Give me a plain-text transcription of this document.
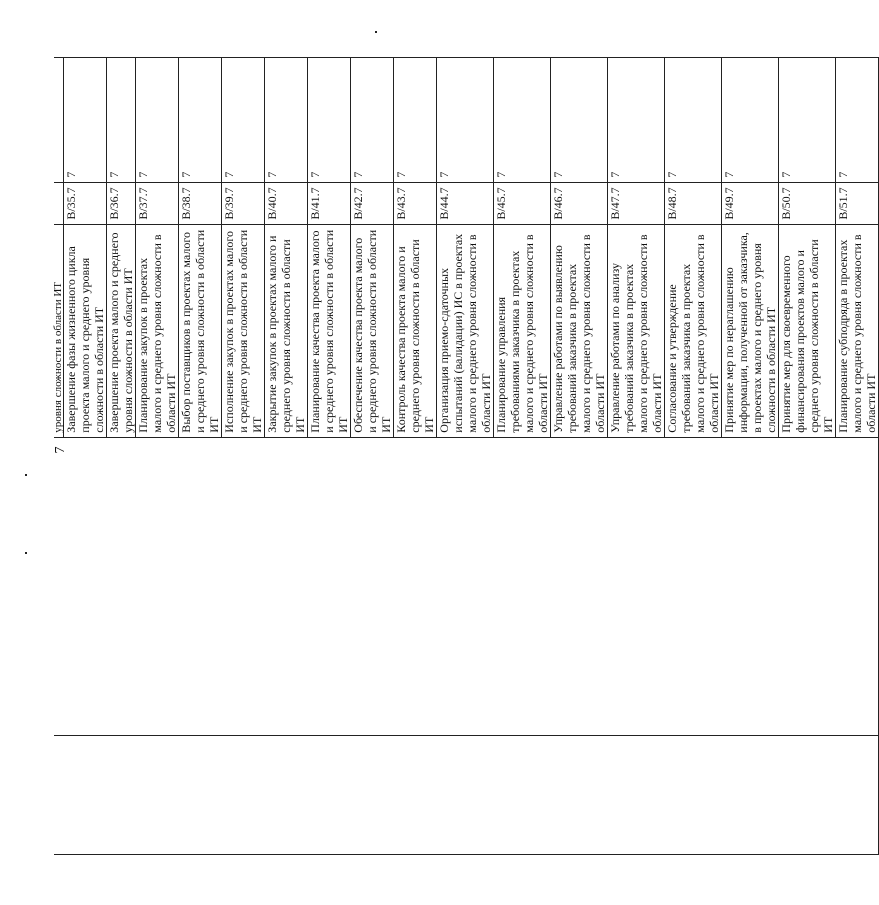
7
		уровня сложности в области ИТ		
		Завершение фазы жизненного цикла проекта малого и среднего уровня сложности в области ИТ	В/35.7	7
		Завершение проекта малого и среднего уровня сложности в области ИТ	В/36.7	7
		Планирование закупок в проектах малого и среднего уровня сложности в области ИТ	В/37.7	7
		Выбор поставщиков в проектах малого и среднего уровня сложности в области ИТ	В/38.7	7
		Исполнение закупок в проектах малого и среднего уровня сложности в области ИТ	В/39.7	7
		Закрытие закупок в проектах малого и среднего уровня сложности в области ИТ	В/40.7	7
		Планирование качества проекта малого и среднего уровня сложности в области ИТ	В/41.7	7
		Обеспечение качества проекта малого и среднего уровня сложности в области ИТ	В/42.7	7
		Контроль качества проекта малого и среднего уровня сложности в области ИТ	В/43.7	7
		Организация приемо-сдаточных испытаний (валидации) ИС в проектах малого и среднего уровня сложности в области ИТ	В/44.7	7
		Планирование управления требованиями заказчика в проектах малого и среднего уровня сложности в области ИТ	В/45.7	7
		Управление работами по выявлению требований заказчика в проектах малого и среднего уровня сложности в области ИТ	В/46.7	7
		Управление работами по анализу требований заказчика в проектах малого и среднего уровня сложности в области ИТ	В/47.7	7
		Согласование и утверждение требований заказчика в проектах малого и среднего уровня сложности в области ИТ	В/48.7	7
		Принятие мер по нераглашению информации, полученной от заказчика, в проектах малого и среднего уровня сложности в области ИТ	В/49.7	7
		Принятие мер для своевременного финансирования проектов малого и среднего уровня сложности в области ИТ	В/50.7	7
		Планирование субподряда в проектах малого и среднего уровня сложности в области ИТ	В/51.7	7
